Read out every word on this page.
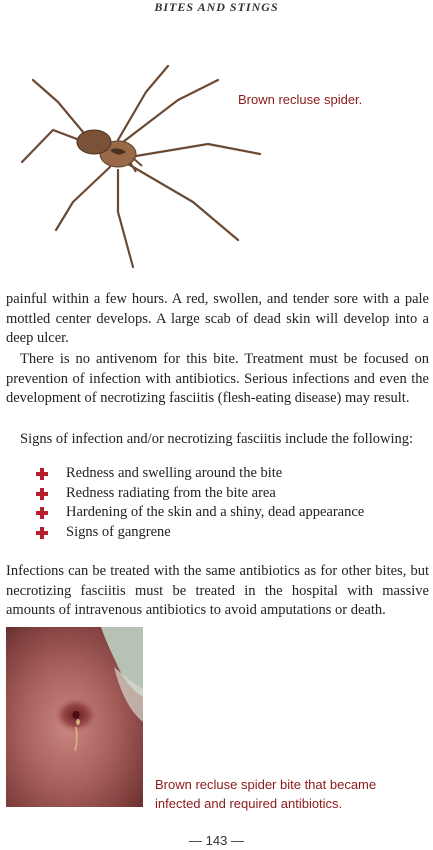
BITES AND STINGS
Brown recluse spider.

painful within a few hours. A red, swollen, and tender sore with a pale mottled center develops. A large scab of dead skin will develop into a deep ulcer.

There is no antivenom for this bite. Treatment must be focused on prevention of infection with antibiotics. Serious infections and even the development of necrotizing fasciitis (flesh-eating disease) may result.

Signs of infection and/or necrotizing fasciitis include the following:

Redness and swelling around the bite
Redness radiating from the bite area
Hardening of the skin and a shiny, dead appearance
Signs of gangrene

Infections can be treated with the same antibiotics as for other bites, but necrotizing fasciitis must be treated in the hospital with massive amounts of intravenous antibiotics to avoid amputations or death.

Brown recluse spider bite that became
infected and required antibiotics.
— 143 —
